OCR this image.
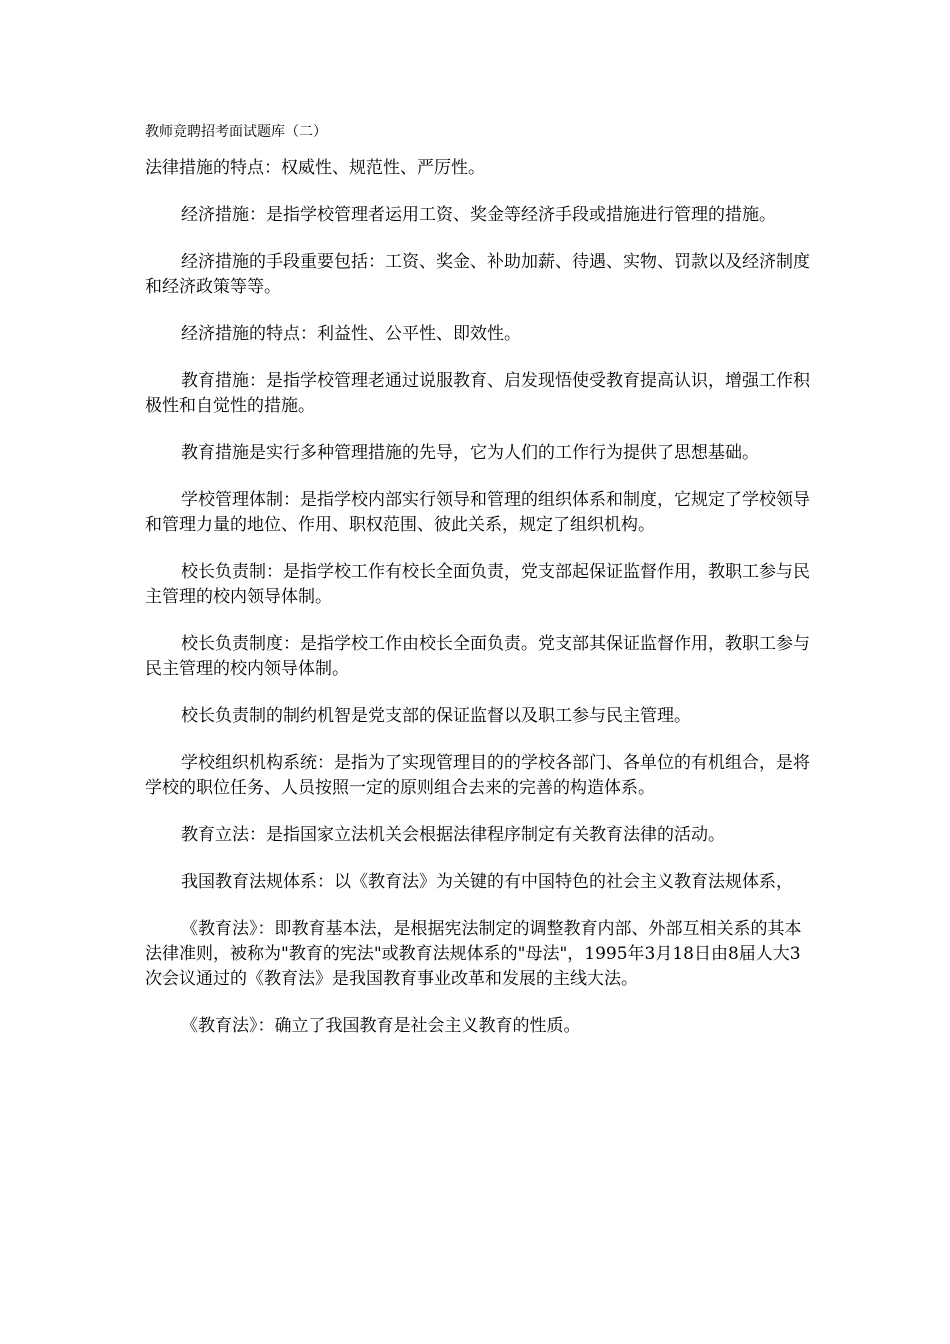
教师竞聘招考面试题库（二）

法律措施的特点：权威性、规范性、严厉性。

经济措施：是指学校管理者运用工资、奖金等经济手段或措施进行管理的措施。

经济措施的手段重要包括：工资、奖金、补助加薪、待遇、实物、罚款以及经济制度和经济政策等等。

经济措施的特点：利益性、公平性、即效性。

教育措施：是指学校管理老通过说服教育、启发现悟使受教育提高认识，增强工作积极性和自觉性的措施。

教育措施是实行多种管理措施的先导，它为人们的工作行为提供了思想基础。

学校管理体制：是指学校内部实行领导和管理的组织体系和制度，它规定了学校领导和管理力量的地位、作用、职权范围、彼此关系，规定了组织机构。

校长负责制：是指学校工作有校长全面负责，党支部起保证监督作用，教职工参与民主管理的校内领导体制。

校长负责制度：是指学校工作由校长全面负责。党支部其保证监督作用，教职工参与民主管理的校内领导体制。

校长负责制的制约机智是党支部的保证监督以及职工参与民主管理。

学校组织机构系统：是指为了实现管理目的的学校各部门、各单位的有机组合，是将学校的职位任务、人员按照一定的原则组合去来的完善的构造体系。

教育立法：是指国家立法机关会根据法律程序制定有关教育法律的活动。

我国教育法规体系：以《教育法》为关键的有中国特色的社会主义教育法规体系，

《教育法》：即教育基本法，是根据宪法制定的调整教育内部、外部互相关系的其本法律准则，被称为"教育的宪法"或教育法规体系的"母法"，1995年3月18日由8届人大3次会议通过的《教育法》是我国教育事业改革和发展的主线大法。

《教育法》：确立了我国教育是社会主义教育的性质。
